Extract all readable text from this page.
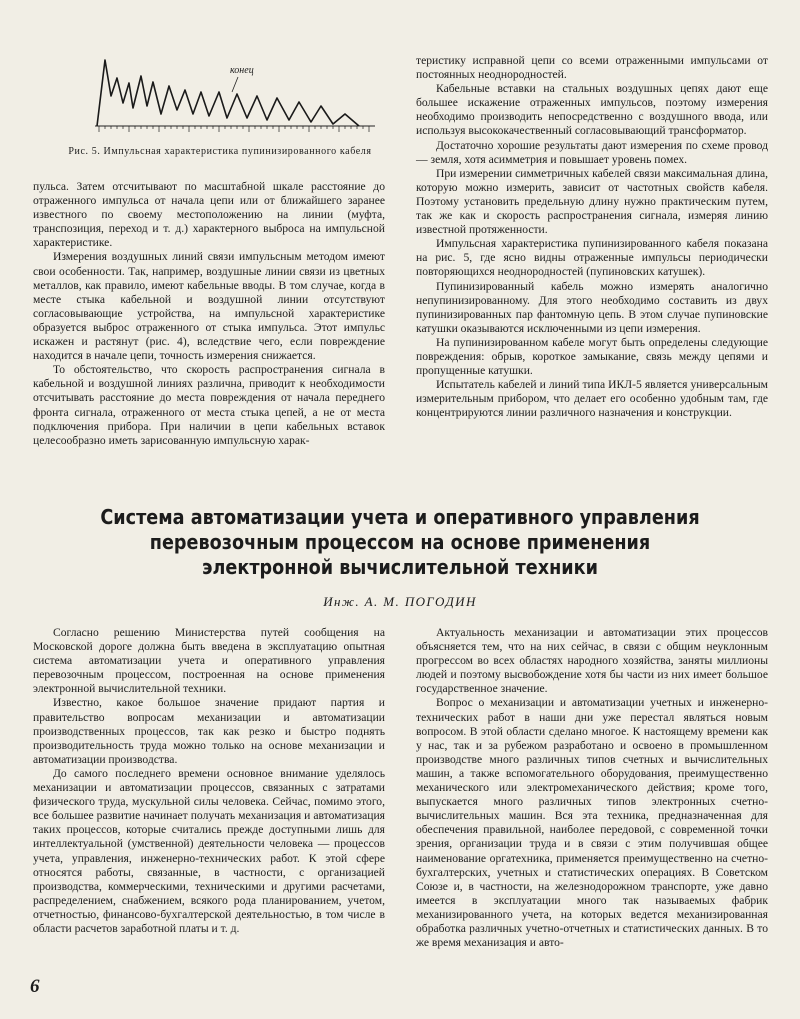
конец
Рис. 5. Импульсная характеристика пупинизированного кабеля

пульса. Затем отсчитывают по масштабной шкале расстояние до отраженного импульса от начала цепи или от ближайшего заранее известного по своему местоположению на линии (муфта, транспозиция, переход и т. д.) характерного выброса на импульсной характеристике.

Измерения воздушных линий связи импульсным методом имеют свои особенности. Так, например, воздушные линии связи из цветных металлов, как правило, имеют кабельные вводы. В том случае, когда в месте стыка кабельной и воздушной линии отсутствуют согласовывающие устройства, на импульсной характеристике образуется выброс отраженного от стыка импульса. Этот импульс искажен и растянут (рис. 4), вследствие чего, если повреждение находится в начале цепи, точность измерения снижается.

То обстоятельство, что скорость распространения сигнала в кабельной и воздушной линиях различна, приводит к необходимости отсчитывать расстояние до места повреждения от начала переднего фронта сигнала, отраженного от места стыка цепей, а не от места подключения прибора. При наличии в цепи кабельных вставок целесообразно иметь зарисованную импульсную харак-

теристику исправной цепи со всеми отраженными импульсами от постоянных неоднородностей.

Кабельные вставки на стальных воздушных цепях дают еще большее искажение отраженных импульсов, поэтому измерения необходимо производить непосредственно с воздушного ввода, или используя высококачественный согласовывающий трансформатор.

Достаточно хорошие результаты дают измерения по схеме провод — земля, хотя асимметрия и повышает уровень помех.

При измерении симметричных кабелей связи максимальная длина, которую можно измерить, зависит от частотных свойств кабеля. Поэтому установить предельную длину нужно практическим путем, так же как и скорость распространения сигнала, измеряя линию известной протяженности.

Импульсная характеристика пупинизированного кабеля показана на рис. 5, где ясно видны отраженные импульсы периодически повторяющихся неоднородностей (пупиновских катушек).

Пупинизированный кабель можно измерять аналогично непупинизированному. Для этого необходимо составить из двух пупинизированных пар фантомную цепь. В этом случае пупиновские катушки оказываются исключенными из цепи измерения.

На пупинизированном кабеле могут быть определены следующие повреждения: обрыв, короткое замыкание, связь между цепями и пропущенные катушки.

Испытатель кабелей и линий типа ИКЛ-5 является универсальным измерительным прибором, что делает его особенно удобным там, где концентрируются линии различного назначения и конструкции.

Система автоматизации учета и оперативного управления
перевозочным процессом на основе применения
электронной вычислительной техники
Инж. А. М. ПОГОДИН

Согласно решению Министерства путей сообщения на Московской дороге должна быть введена в эксплуатацию опытная система автоматизации учета и оперативного управления перевозочным процессом, построенная на основе применения электронной вычислительной техники.

Известно, какое большое значение придают партия и правительство вопросам механизации и автоматизации производственных процессов, так как резко и быстро поднять производительность труда можно только на основе механизации и автоматизации производства.

До самого последнего времени основное внимание уделялось механизации и автоматизации процессов, связанных с затратами физического труда, мускульной силы человека. Сейчас, помимо этого, все большее развитие начинает получать механизация и автоматизация таких процессов, которые считались прежде доступными лишь для интеллектуальной (умственной) деятельности человека — процессов учета, управления, инженерно-технических работ. К этой сфере относятся работы, связанные, в частности, с организацией производства, коммерческими, техническими и другими расчетами, распределением, снабжением, всякого рода планированием, учетом, отчетностью, финансово-бухгалтерской деятельностью, в том числе в области расчетов заработной платы и т. д.

Актуальность механизации и автоматизации этих процессов объясняется тем, что на них сейчас, в связи с общим неуклонным прогрессом во всех областях народного хозяйства, заняты миллионы людей и поэтому высвобождение хотя бы части из них имеет большое государственное значение.

Вопрос о механизации и автоматизации учетных и инженерно-технических работ в наши дни уже перестал являться новым вопросом. В этой области сделано многое. К настоящему времени как у нас, так и за рубежом разработано и освоено в промышленном производстве много различных типов счетных и вычислительных машин, а также вспомогательного оборудования, преимущественно механического или электромеханического действия; кроме того, выпускается много различных типов электронных счетно-вычислительных машин. Вся эта техника, предназначенная для обеспечения правильной, наиболее передовой, с современной точки зрения, организации труда и в связи с этим получившая общее наименование оргатехника, применяется преимущественно на счетно-бухгалтерских, учетных и статистических операциях. В Советском Союзе и, в частности, на железнодорожном транспорте, уже давно имеется в эксплуатации много так называемых фабрик механизированного учета, на которых ведется механизированная обработка различных учетно-отчетных и статистических данных. В то же время механизация и авто-

6
